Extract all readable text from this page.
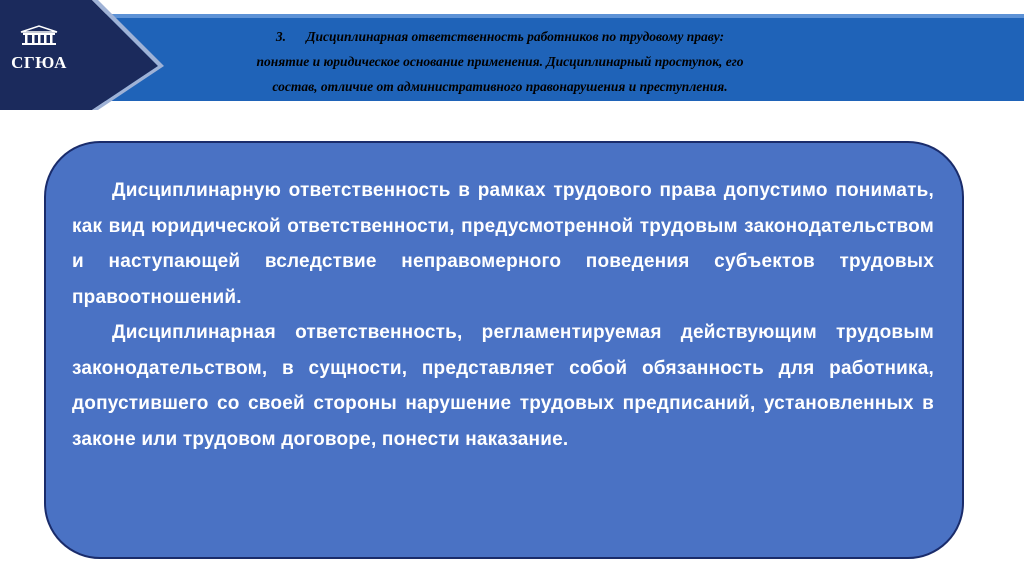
СГЮА
3.      Дисциплинарная ответственность работников по трудовому праву:
понятие и юридическое основание применения. Дисциплинарный проступок, его
состав, отличие от административного правонарушения и преступления.

Дисциплинарную ответственность в рамках трудового права допустимо понимать, как вид юридической ответственности, предусмотренной трудовым законодательством и наступающей вследствие неправомерного поведения субъектов трудовых правоотношений.

Дисциплинарная ответственность, регламентируемая действующим трудовым законодательством, в сущности, представляет собой обязанность для работника, допустившего со своей стороны нарушение трудовых предписаний, установленных в законе или трудовом договоре, понести наказание.
